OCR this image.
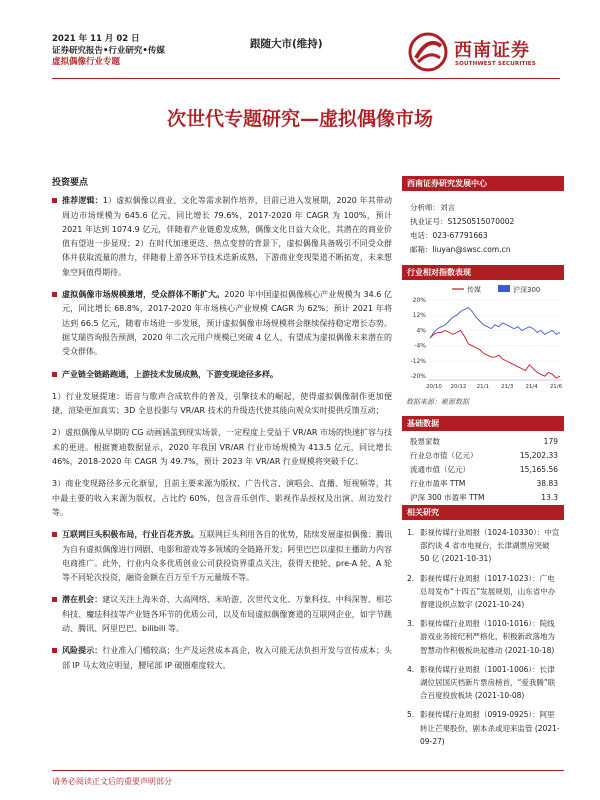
2021 年 11 月 02 日
证券研究报告•行业研究•传媒
虚拟偶像行业专题
跟随大市(维持)	西南证券
SOUTHWEST SECURITIES
次世代专题研究—虚拟偶像市场
投资要点
推荐逻辑：1）虚拟偶像以商业、文化等需求制作培养，目前已进入发展期，2020 年其带动周边市场规模为 645.6 亿元，同比增长 79.6%，2017-2020 年 CAGR 为 100%，预计 2021 年达到 1074.9 亿元，伴随着产业链愈发成熟，偶像文化日益大众化，其潜在的商业价值有望进一步显现；2）在时代加速更迭、热点变替的背景下，虚拟偶像具备吸引不同受众群体并获取流量的潜力，伴随着上游各环节技术迭新成熟，下游商业变现渠道不断拓宽，未来想象空间值得期待。
虚拟偶像市场规模激增，受众群体不断扩大。2020 年中国虚拟偶像核心产业规模为 34.6 亿元，同比增长 68.8%，2017-2020 年市场核心产业规模 CAGR 为 62%；预计 2021 年将达到 66.5 亿元，随着市场进一步发展，预计虚拟偶像市场规模将会继续保持稳定增长态势。据艾瑞咨询报告预测，2020 年二次元用户规模已突破 4 亿人，有望成为虚拟偶像未来潜在的受众群体。
产业链全链路跑通，上游技术发展成熟，下游变现途径多样。
1）行业发展提速：语音与歌声合成软件的普及，引擎技术的崛起，使得虚拟偶像制作更加便捷，渲染更加真实；3D 全息投影与 VR/AR 技术的升级迭代使其能向观众实时提供反馈互动；
2）虚拟偶像从早期的 CG 动画涵盖到现实场景，一定程度上受益于 VR/AR 市场的快速扩容与技术的更进。根据赛迪数据显示，2020 年我国 VR/AR 行业市场规模为 413.5 亿元，同比增长 46%，2018-2020 年 CAGR 为 49.7%，预计 2023 年 VR/AR 行业规模将突破千亿；
3）商业变现路径多元化渐显，目前主要来源为版权、广告代言、演唱会、直播、短视频等，其中最主要的收入来源为版权，占比约 60%，包含音乐创作、影视作品授权及出演、周边发行等。
互联网巨头积极布局，行业百花齐放。互联网巨头利用各自的优势，陆续发展虚拟偶像：腾讯为自有虚拟偶像进行网剧、电影和游戏等多领域的全链路开发；阿里巴巴以虚拟主播助力内容电商推广。此外，行业内众多优质创业公司获投资界重点关注，获得天使轮、pre-A 轮、A 轮等不同轮次投资，融资金额在百万至千万元量级不等。
潜在机会：建议关注上海米奇、大高网络、米哈游、次世代文化、万象科技、中科深智、相芯科技、魔珐科技等产业链各环节的优质公司，以及布局虚拟偶像赛道的互联网企业，如字节跳动、腾讯、阿里巴巴、bilibili 等。
风险提示：行业准入门槛较高；生产及运营成本高企，收入可能无法负担开发与宣传成本；头部 IP 马太效应明显，腰尾部 IP 破圈难度较大。
西南证券研究发展中心
分析师：刘言
执业证号：S1250515070002
电话：023-67791663
邮箱：liuyan@swsc.com.cn
行业相对指数表现
20%
12%
4%
-4%
-12%
-20%
20/10 20/12 21/1 21/3 21/4 21/6
传媒	沪深300
数据来源：聚源数据
基础数据
股票家数	179
行业总市值（亿元）	15,202.33
流通市值（亿元）	15,165.56
行业市盈率 TTM	38.83
沪深 300 市盈率 TTM	13.3
相关研究
1. 影视传媒行业周报（1024-10330）：中宣部约谈 4 省市电视台，长津湖票房突破 50 亿 (2021-10-31)
2. 影视传媒行业周报（1017-1023）：广电总局发布“十四五”发展规划，山东省中办督建设织点数字 (2021-10-24)
3. 影视传媒行业周报（1010-1016）：院线游戏业务接纪利严格化，积极新政落地为智慧动作积极板块起推动 (2021-10-18)
4. 影视传媒行业周报（1001-1006）：长津湖位居国庆档新片票房榜首，“爱我腾”联合百度投放板块 (2021-10-08)
5. 影视传媒行业周报（0919-0925）：阿里转让芒果股份，剧本杀或迎来监管 (2021-09-27)
请务必阅读正文后的重要声明部分
